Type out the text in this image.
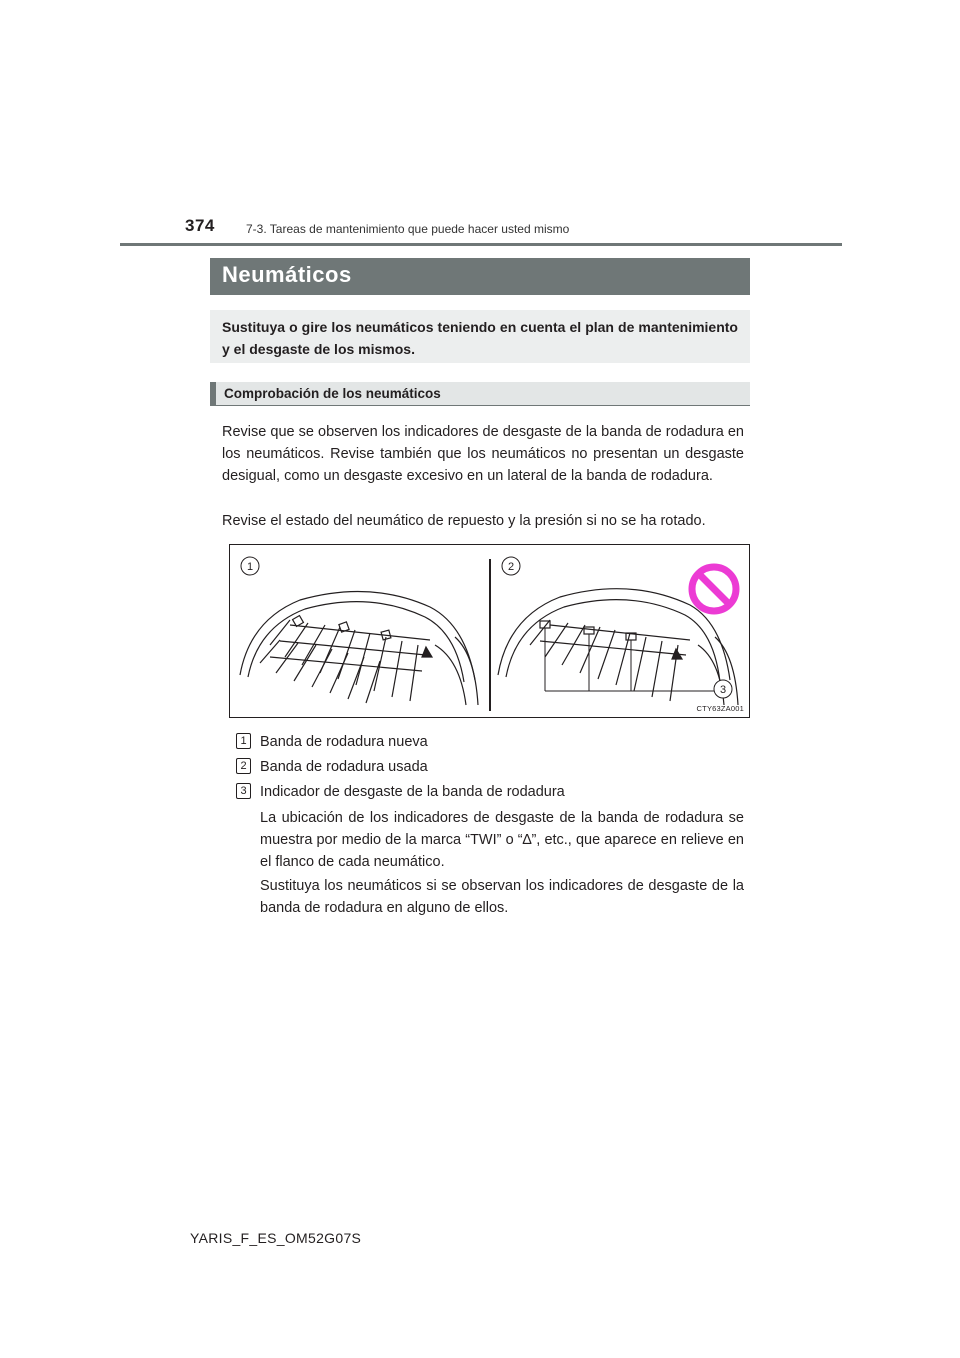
374	7-3. Tareas de mantenimiento que puede hacer usted mismo
Neumáticos
Sustituya o gire los neumáticos teniendo en cuenta el plan de mantenimiento y el desgaste de los mismos.
Comprobación de los neumáticos
Revise que se observen los indicadores de desgaste de la banda de rodadura en los neumáticos. Revise también que los neumáticos no presentan un desgaste desigual, como un desgaste excesivo en un lateral de la banda de rodadura.
Revise el estado del neumático de repuesto y la presión si no se ha rotado.
1	2
3
CTY63ZA001
1 Banda de rodadura nueva
2 Banda de rodadura usada
3 Indicador de desgaste de la banda de rodadura
La ubicación de los indicadores de desgaste de la banda de rodadura se muestra por medio de la marca “TWI” o “∆”, etc., que aparece en relieve en el flanco de cada neumático.
Sustituya los neumáticos si se observan los indicadores de desgaste de la banda de rodadura en alguno de ellos.
YARIS_F_ES_OM52G07S
